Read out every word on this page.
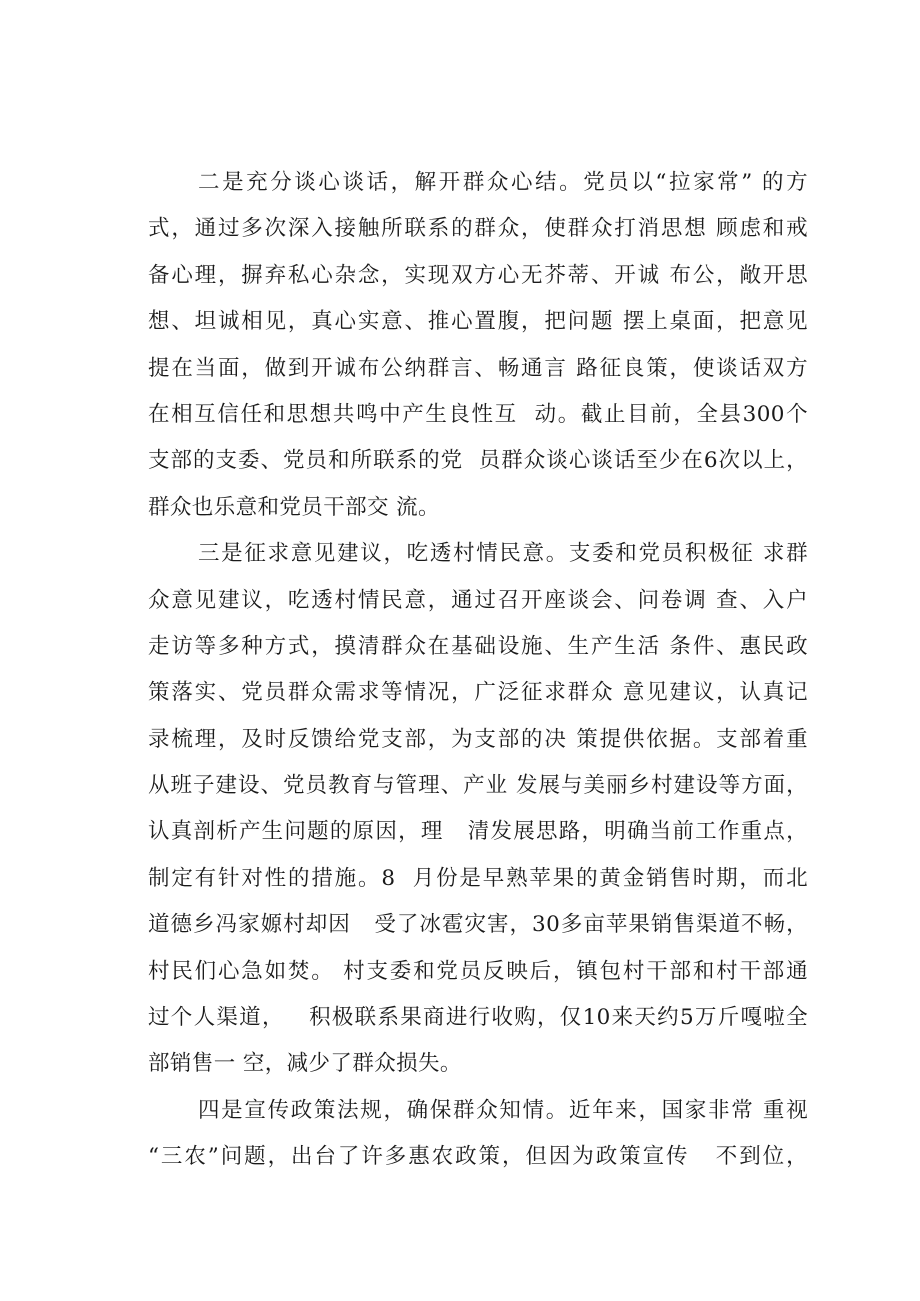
二是充分谈心谈话，解开群众心结。党员以“拉家常” 的方
式，通过多次深入接触所联系的群众，使群众打消思想 顾虑和戒
备心理，摒弃私心杂念，实现双方心无芥蒂、开诚 布公，敞开思
想、坦诚相见，真心实意、推心置腹，把问题 摆上桌面，把意见
提在当面，做到开诚布公纳群言、畅通言 路征良策，使谈话双方
在相互信任和思想共鸣中产生良性互  动。截止目前，全县300个
支部的支委、党员和所联系的党  员群众谈心谈话至少在6次以上，
群众也乐意和党员干部交 流。
三是征求意见建议，吃透村情民意。支委和党员积极征 求群
众意见建议，吃透村情民意，通过召开座谈会、问卷调 查、入户
走访等多种方式，摸清群众在基础设施、生产生活 条件、惠民政
策落实、党员群众需求等情况，广泛征求群众 意见建议，认真记
录梳理，及时反馈给党支部，为支部的决 策提供依据。支部着重
从班子建设、党员教育与管理、产业 发展与美丽乡村建设等方面，
认真剖析产生问题的原因，理   清发展思路，明确当前工作重点，
制定有针对性的措施。8  月份是早熟苹果的黄金销售时期，而北
道德乡冯家嫄村却因   受了冰雹灾害，30多亩苹果销售渠道不畅，
村民们心急如焚。 村支委和党员反映后，镇包村干部和村干部通
过个人渠道，   积极联系果商进行收购，仅10来天约5万斤嘎啦全
部销售一 空，减少了群众损失。
四是宣传政策法规，确保群众知情。近年来，国家非常 重视
“三农”问题，出台了许多惠农政策，但因为政策宣传   不到位，
